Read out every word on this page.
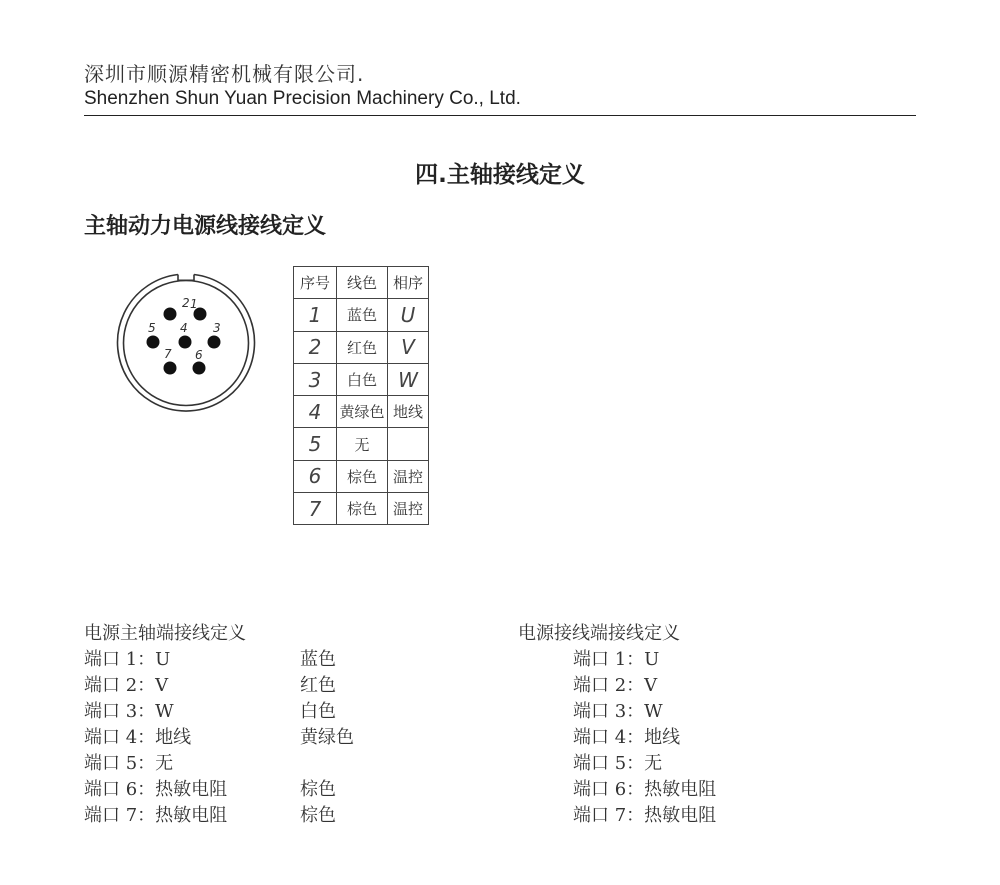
深圳市顺源精密机械有限公司.
Shenzhen Shun Yuan Precision Machinery Co., Ltd.
四.主轴接线定义
主轴动力电源线接线定义
2 1
3
4
5
6
7
序号	线色	相序
1	蓝色	U
2	红色	V
3	白色	W
4	黄绿色	地线
5	无	
6	棕色	温控
7	棕色	温控
电源主轴端接线定义
端口 1：U	蓝色
端口 2：V	红色
端口 3：W	白色
端口 4：地线	黄绿色
端口 5：无
端口 6：热敏电阻	棕色
端口 7：热敏电阻	棕色
电源接线端接线定义
端口 1：U
端口 2：V
端口 3：W
端口 4：地线
端口 5：无
端口 6：热敏电阻
端口 7：热敏电阻
